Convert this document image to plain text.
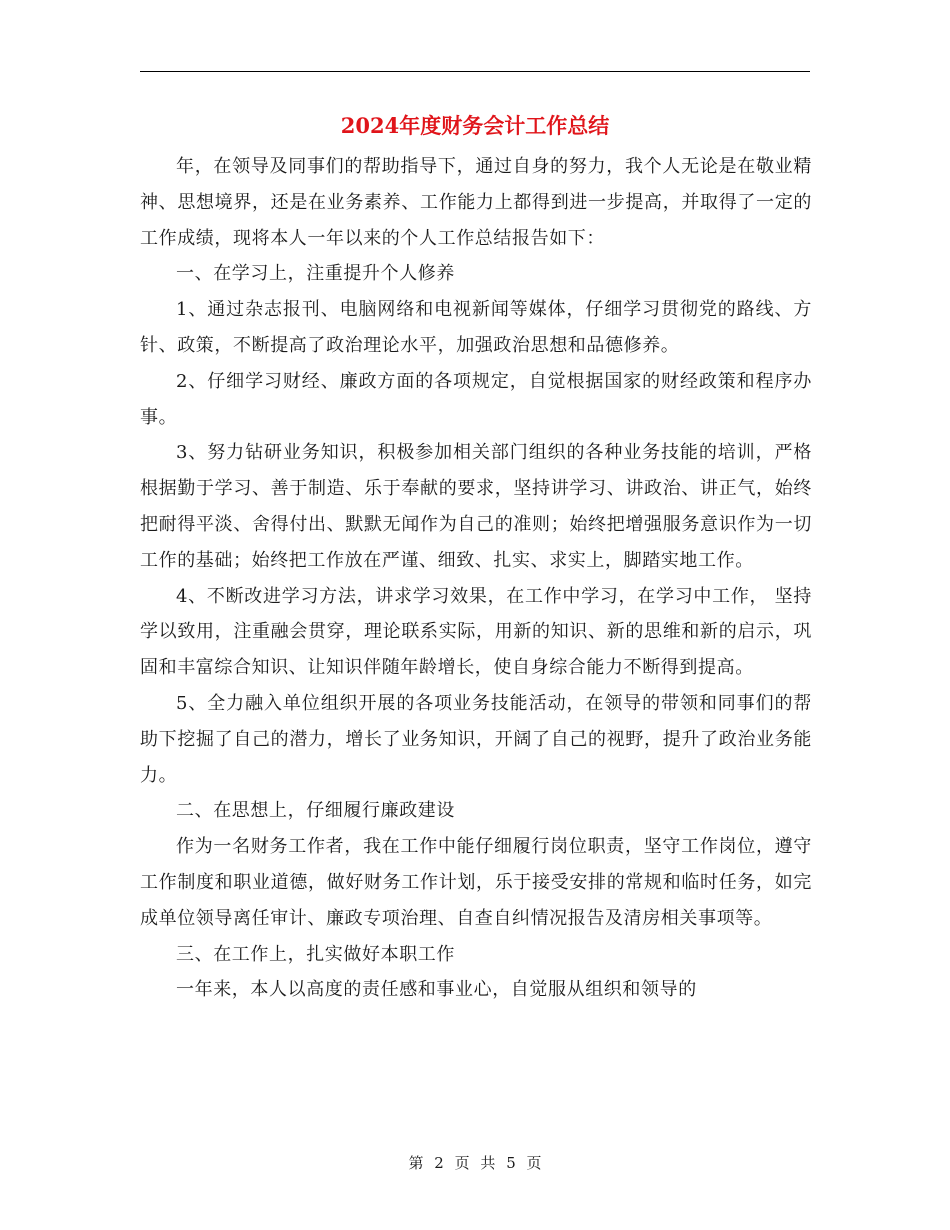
2024年度财务会计工作总结

年，在领导及同事们的帮助指导下，通过自身的努力，我个人无论是在敬业精神、思想境界，还是在业务素养、工作能力上都得到进一步提高，并取得了一定的工作成绩，现将本人一年以来的个人工作总结报告如下：

一、在学习上，注重提升个人修养

1、通过杂志报刊、电脑网络和电视新闻等媒体，仔细学习贯彻党的路线、方针、政策，不断提高了政治理论水平，加强政治思想和品德修养。

2、仔细学习财经、廉政方面的各项规定，自觉根据国家的财经政策和程序办事。

3、努力钻研业务知识，积极参加相关部门组织的各种业务技能的培训，严格根据勤于学习、善于制造、乐于奉献的要求，坚持讲学习、讲政治、讲正气，始终把耐得平淡、舍得付出、默默无闻作为自己的准则；始终把增强服务意识作为一切工作的基础；始终把工作放在严谨、细致、扎实、求实上，脚踏实地工作。

4、不断改进学习方法，讲求学习效果，在工作中学习，在学习中工作， 坚持学以致用，注重融会贯穿，理论联系实际，用新的知识、新的思维和新的启示，巩固和丰富综合知识、让知识伴随年龄增长，使自身综合能力不断得到提高。

5、全力融入单位组织开展的各项业务技能活动，在领导的带领和同事们的帮助下挖掘了自己的潜力，增长了业务知识，开阔了自己的视野，提升了政治业务能力。

二、在思想上，仔细履行廉政建设

作为一名财务工作者，我在工作中能仔细履行岗位职责，坚守工作岗位，遵守工作制度和职业道德，做好财务工作计划，乐于接受安排的常规和临时任务，如完成单位领导离任审计、廉政专项治理、自查自纠情况报告及清房相关事项等。

三、在工作上，扎实做好本职工作

一年来，本人以高度的责任感和事业心，自觉服从组织和领导的

第 2 页 共 5 页
